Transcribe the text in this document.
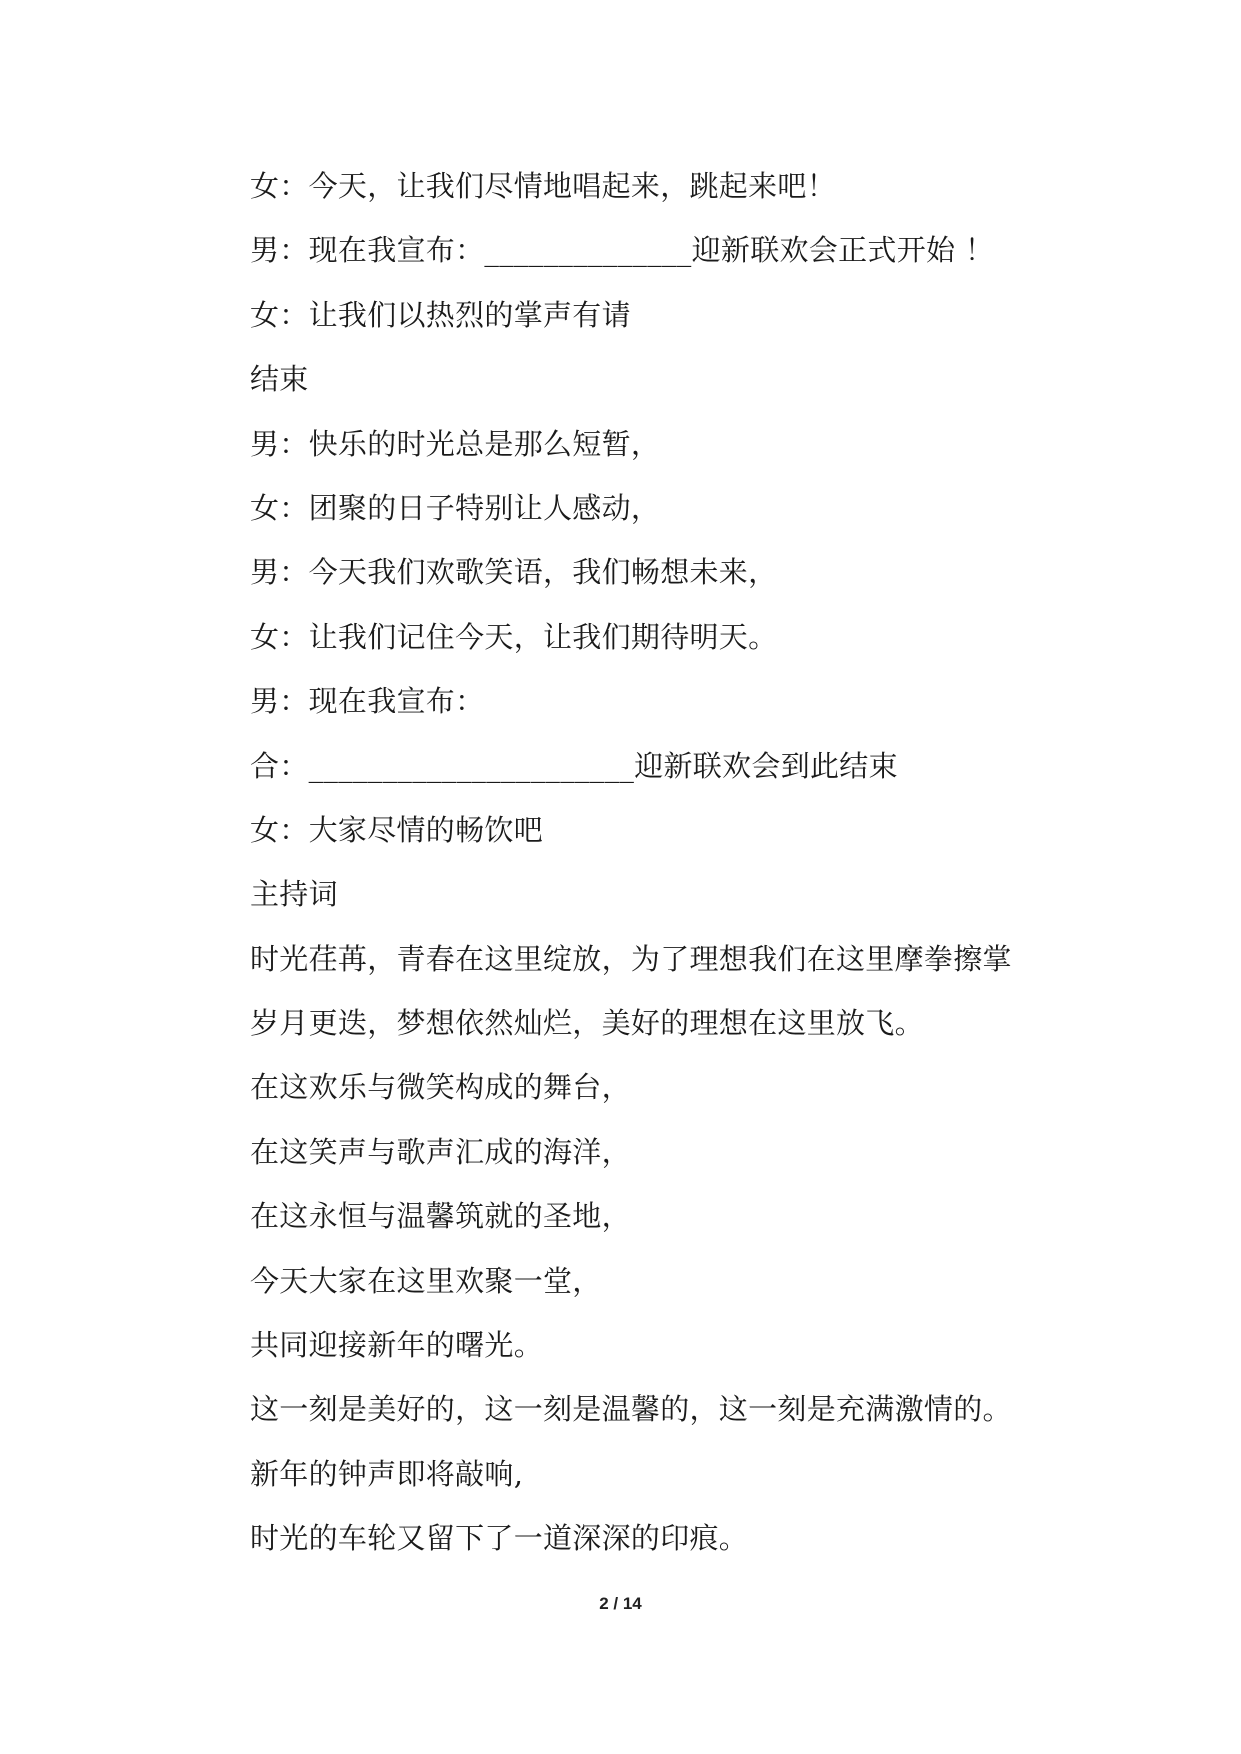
女：今天，让我们尽情地唱起来，跳起来吧！
男：现在我宣布：______________迎新联欢会正式开始 ！
女：让我们以热烈的掌声有请
结束
男：快乐的时光总是那么短暂，
女：团聚的日子特别让人感动，
男：今天我们欢歌笑语，我们畅想未来，
女：让我们记住今天，让我们期待明天。
男：现在我宣布：
合：______________________迎新联欢会到此结束
女：大家尽情的畅饮吧
主持词
时光荏苒，青春在这里绽放，为了理想我们在这里摩拳擦掌
岁月更迭，梦想依然灿烂，美好的理想在这里放飞。
在这欢乐与微笑构成的舞台，
在这笑声与歌声汇成的海洋，
在这永恒与温馨筑就的圣地，
今天大家在这里欢聚一堂，
共同迎接新年的曙光。
这一刻是美好的，这一刻是温馨的，这一刻是充满激情的。
新年的钟声即将敲响,
时光的车轮又留下了一道深深的印痕。
2 / 14
